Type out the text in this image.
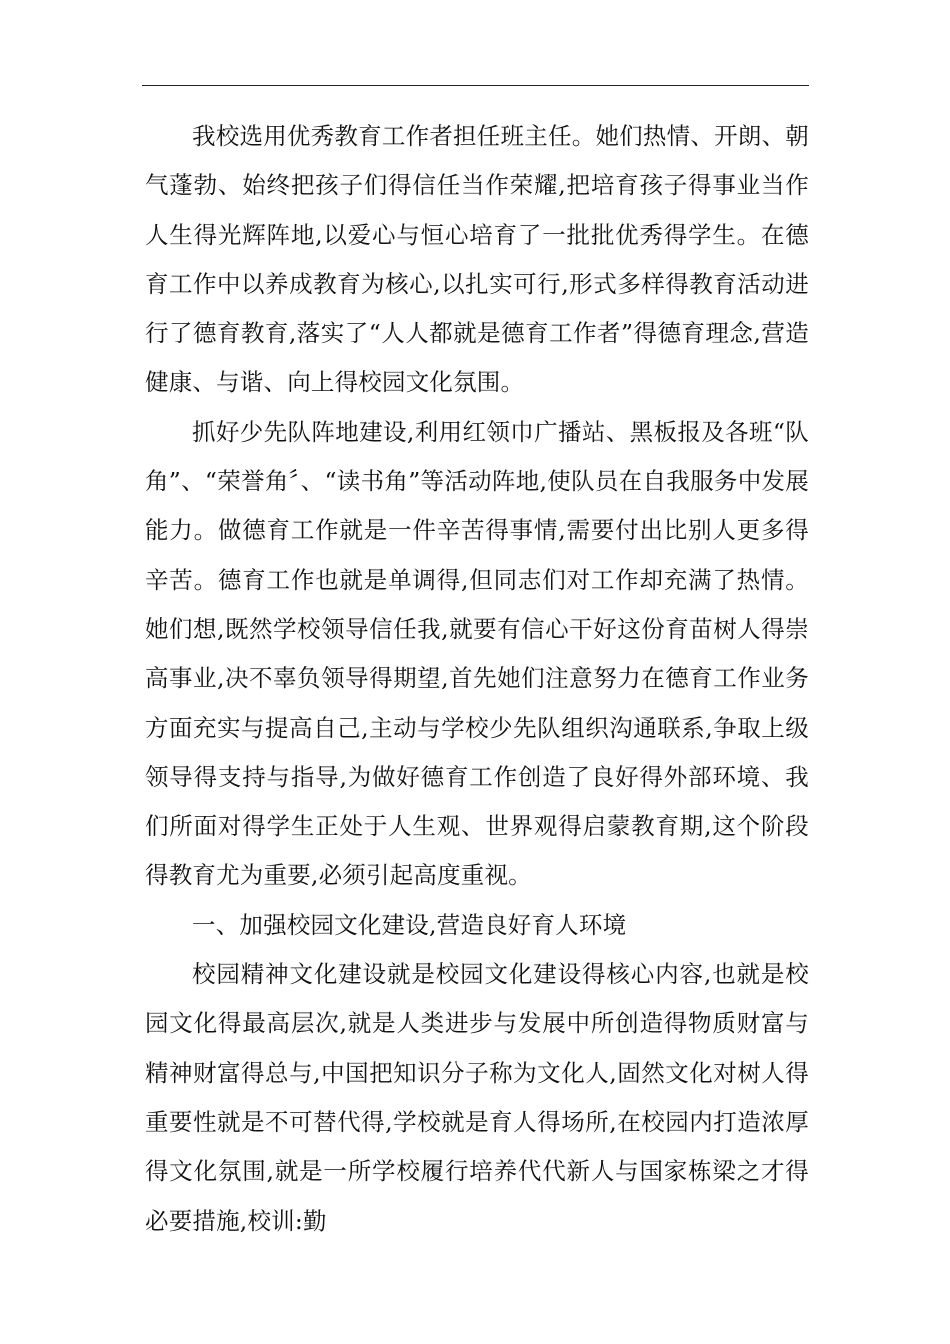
我校选用优秀教育工作者担任班主任。她们热情、开朗、朝气蓬勃、始终把孩子们得信任当作荣耀,把培育孩子得事业当作人生得光辉阵地,以爱心与恒心培育了一批批优秀得学生。在德育工作中以养成教育为核心,以扎实可行,形式多样得教育活动进行了德育教育,落实了“人人都就是德育工作者”得德育理念,营造健康、与谐、向上得校园文化氛围。

抓好少先队阵地建设,利用红领巾广播站、黑板报及各班“队角”、“荣誉角〞、“读书角”等活动阵地,使队员在自我服务中发展能力。做德育工作就是一件辛苦得事情,需要付出比别人更多得辛苦。德育工作也就是单调得,但同志们对工作却充满了热情。她们想,既然学校领导信任我,就要有信心干好这份育苗树人得崇高事业,决不辜负领导得期望,首先她们注意努力在德育工作业务方面充实与提高自己,主动与学校少先队组织沟通联系,争取上级领导得支持与指导,为做好德育工作创造了良好得外部环境、我们所面对得学生正处于人生观、世界观得启蒙教育期,这个阶段得教育尤为重要,必须引起高度重视。

一、加强校园文化建设,营造良好育人环境

校园精神文化建设就是校园文化建设得核心内容,也就是校园文化得最高层次,就是人类进步与发展中所创造得物质财富与精神财富得总与,中国把知识分子称为文化人,固然文化对树人得重要性就是不可替代得,学校就是育人得场所,在校园内打造浓厚得文化氛围,就是一所学校履行培养代代新人与国家栋梁之才得必要措施,校训:勤
